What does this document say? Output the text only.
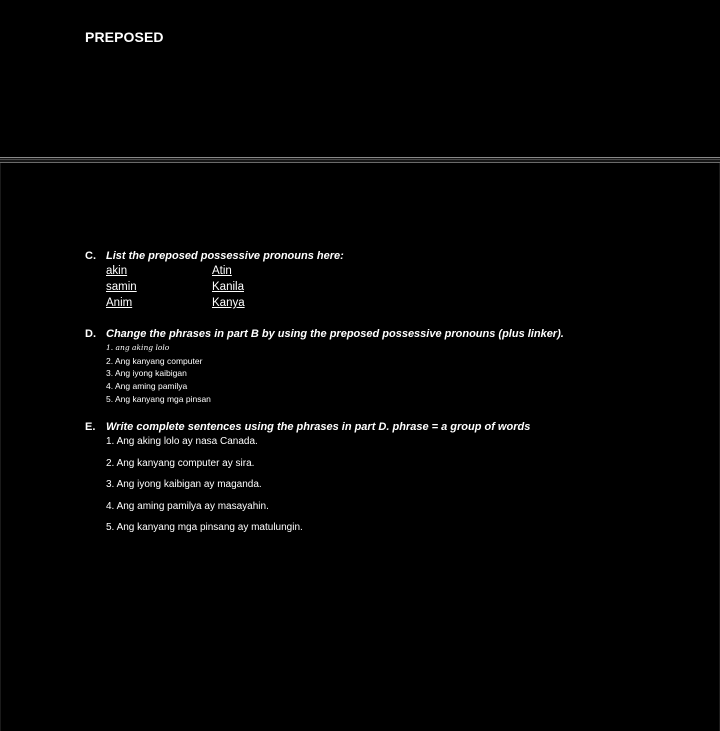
PREPOSED
C. List the preposed possessive pronouns here:
akin
samin
Anim
Atin
Kanila
Kanya
D. Change the phrases in part B by using the preposed possessive pronouns (plus linker).
1. ang aking lolo
2. Ang kanyang computer
3. Ang iyong kaibigan
4. Ang aming pamilya
5. Ang kanyang mga pinsan
E. Write complete sentences using the phrases in part D. phrase = a group of words
1. Ang aking lolo ay nasa Canada.
2. Ang kanyang computer ay sira.
3. Ang iyong kaibigan ay maganda.
4. Ang aming pamilya ay masayahin.
5. Ang kanyang mga pinsang ay matulungin.
